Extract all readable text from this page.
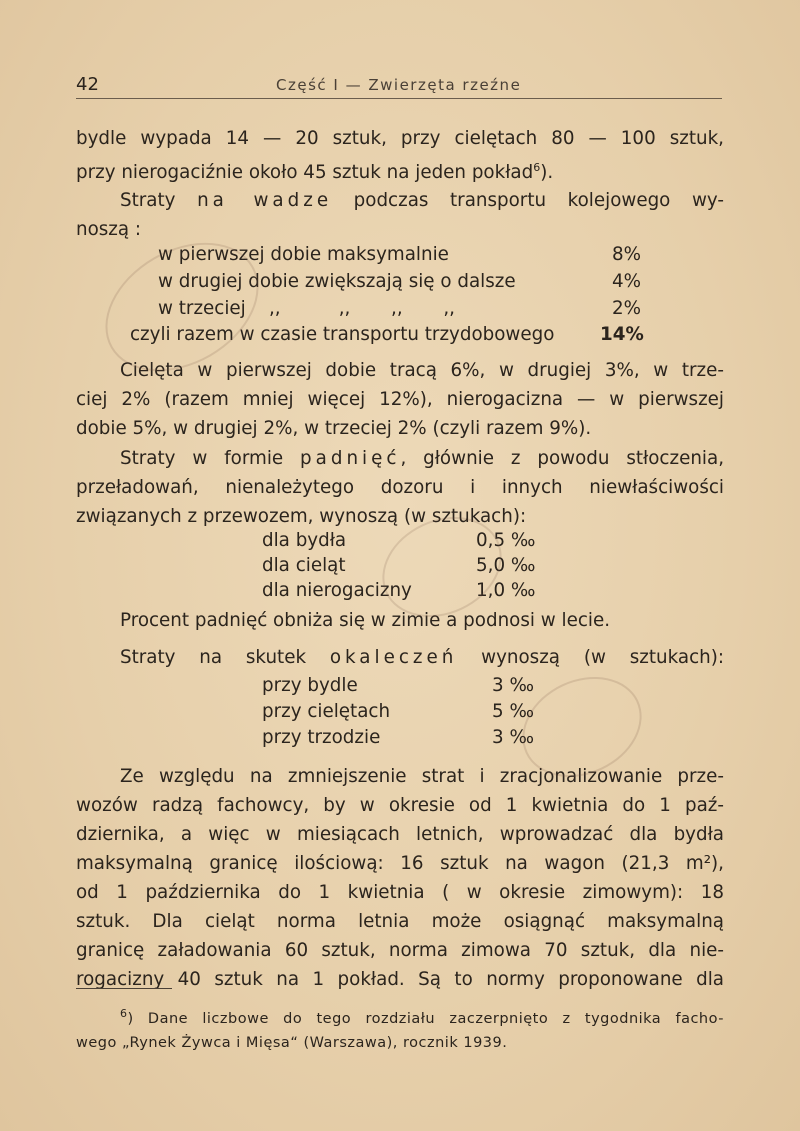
42	Część I — Zwierzęta rzeźne

bydle wypada 14 — 20 sztuk, przy cielętach 80 — 100 sztuk,

przy nierogaciźnie około 45 sztuk na jeden pokład$^6$).

Straty na wadze podczas transportu kolejowego wy-

noszą :

w pierwszej dobie maksymalnie	8%
w drugiej dobie zwiększają się o dalsze	4%
w trzeciej    ,,          ,,       ,,       ,,	2%
czyli razem w czasie transportu trzydobowego 14%

Cielęta w pierwszej dobie tracą 6%, w drugiej 3%, w trze-

ciej 2% (razem mniej więcej 12%), nierogacizna — w pierwszej

dobie 5%, w drugiej 2%, w trzeciej 2% (czyli razem 9%).

Straty w formie padnięć, głównie z powodu stłoczenia,

przeładowań, nienależytego dozoru i innych niewłaściwości

związanych z przewozem, wynoszą (w sztukach):

dla bydła	0,5 ‰
dla cieląt	5,0 ‰
dla nierogacizny	1,0 ‰

Procent padnięć obniża się w zimie a podnosi w lecie.

Straty na skutek okaleczeń wynoszą (w sztukach):

przy bydle	3 ‰
przy cielętach	5 ‰
przy trzodzie	3 ‰

Ze względu na zmniejszenie strat i zracjonalizowanie prze-

wozów radzą fachowcy, by w okresie od 1 kwietnia do 1 paź-

dziernika, a więc w miesiącach letnich, wprowadzać dla bydła

maksymalną granicę ilościową: 16 sztuk na wagon (21,3 m²),

od 1 października do 1 kwietnia ( w okresie zimowym): 18

sztuk. Dla cieląt norma letnia może osiągnąć maksymalną

granicę załadowania 60 sztuk, norma zimowa 70 sztuk, dla nie-

rogacizny 40 sztuk na 1 pokład. Są to normy proponowane dla

$^6$) Dane liczbowe do tego rozdziału zaczerpnięto z tygodnika facho-

wego „Rynek Żywca i Mięsa“ (Warszawa), rocznik 1939.
